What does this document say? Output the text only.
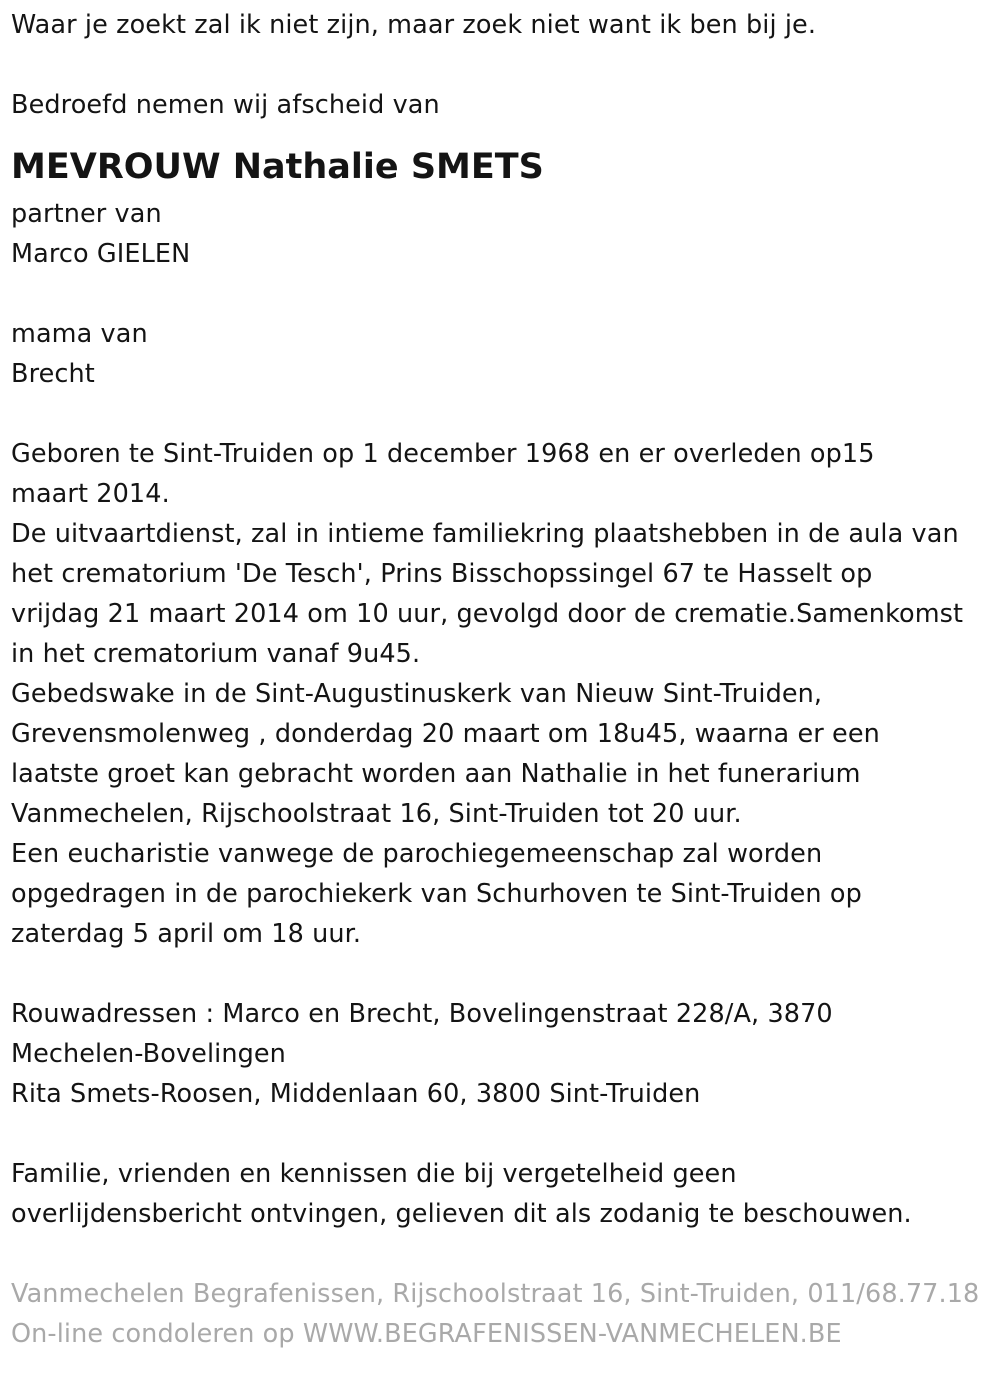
Waar je zoekt zal ik niet zijn, maar zoek niet want ik ben bij je.
Bedroefd nemen wij afscheid van
MEVROUW Nathalie SMETS
partner van
Marco GIELEN
mama van
Brecht
Geboren te Sint-Truiden op 1 december 1968 en er overleden op15
maart 2014.
De uitvaartdienst, zal in intieme familiekring plaatshebben in de aula van
het crematorium 'De Tesch', Prins Bisschopssingel 67 te Hasselt op
vrijdag 21 maart 2014 om 10 uur, gevolgd door de crematie.Samenkomst
in het crematorium vanaf 9u45.
Gebedswake in de Sint-Augustinuskerk van Nieuw Sint-Truiden,
Grevensmolenweg , donderdag 20 maart om 18u45, waarna er een
laatste groet kan gebracht worden aan Nathalie in het funerarium
Vanmechelen, Rijschoolstraat 16, Sint-Truiden tot 20 uur.
Een eucharistie vanwege de parochiegemeenschap zal worden
opgedragen in de parochiekerk van Schurhoven te Sint-Truiden op
zaterdag 5 april om 18 uur.
Rouwadressen : Marco en Brecht, Bovelingenstraat 228/A, 3870
Mechelen-Bovelingen
Rita Smets-Roosen, Middenlaan 60, 3800 Sint-Truiden
Familie, vrienden en kennissen die bij vergetelheid geen
overlijdensbericht ontvingen, gelieven dit als zodanig te beschouwen.
Vanmechelen Begrafenissen, Rijschoolstraat 16, Sint-Truiden, 011/68.77.18
On-line condoleren op WWW.BEGRAFENISSEN-VANMECHELEN.BE
